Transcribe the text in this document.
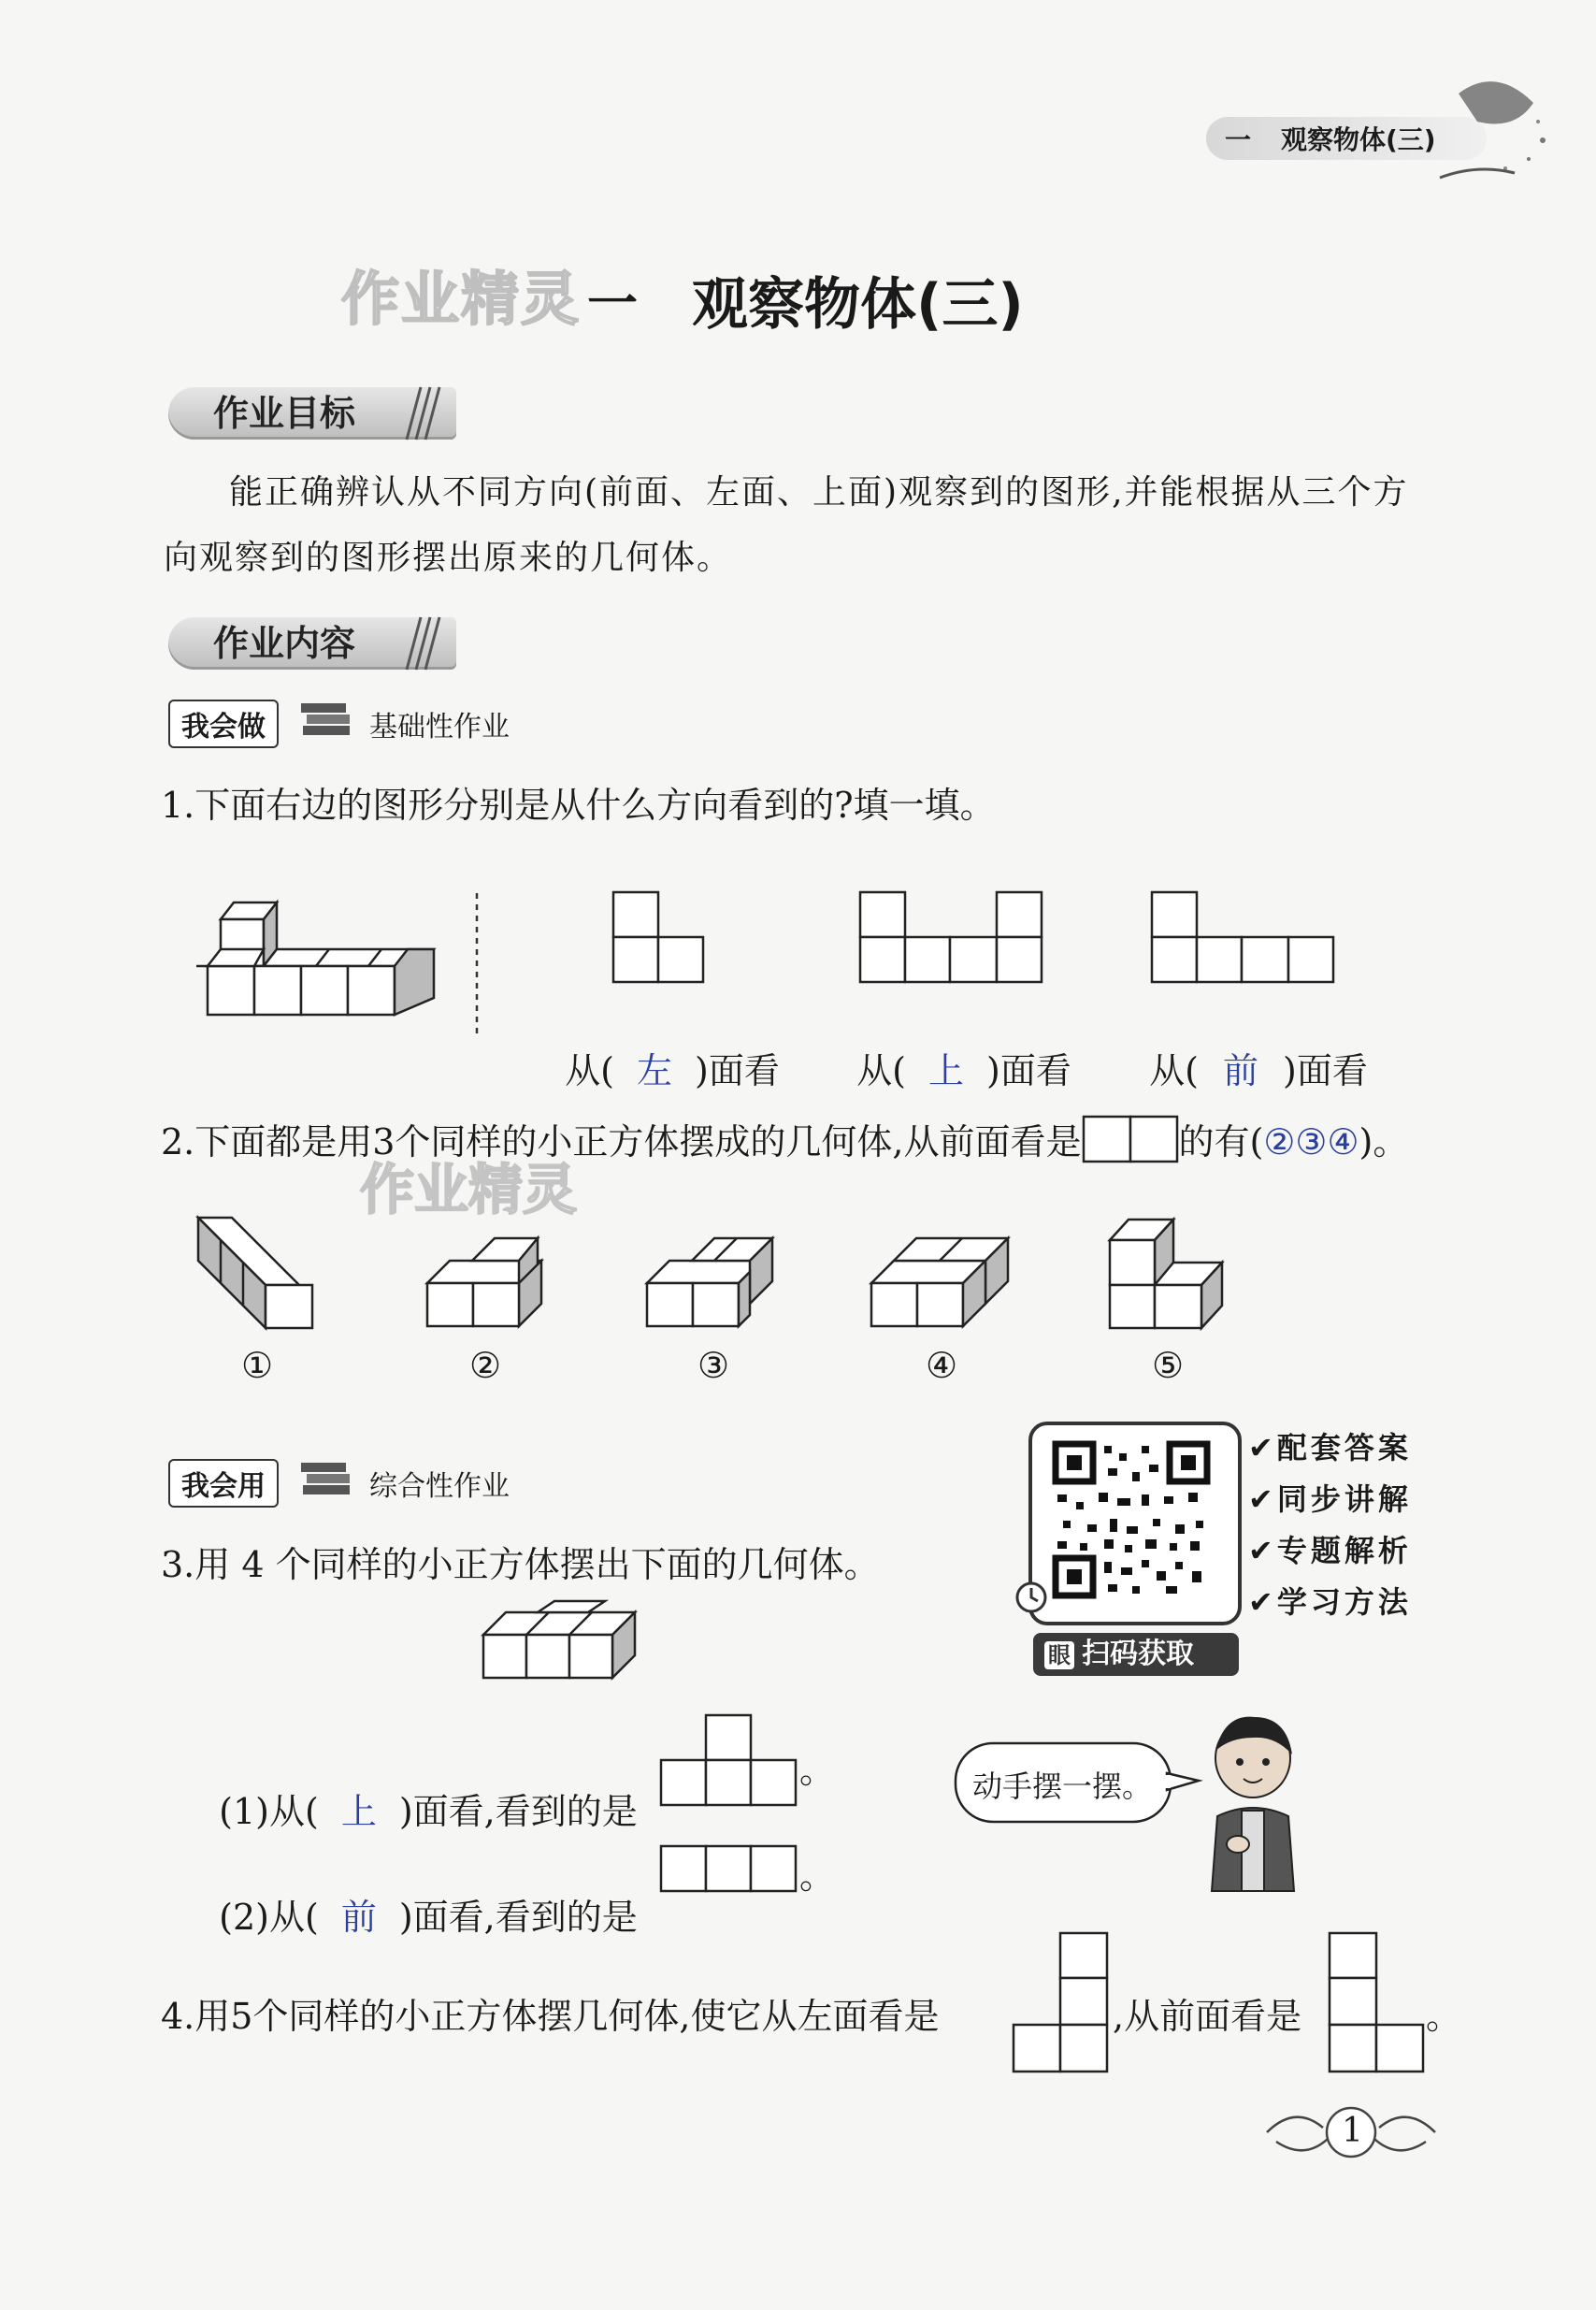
一 观察物体(三)
作业精灵 一 观察物体(三)
作业目标
能正确辨认从不同方向(前面、左面、上面)观察到的图形,并能根据从三个方
向观察到的图形摆出原来的几何体。
作业内容
我会做	基础性作业
1.下面右边的图形分别是从什么方向看到的?填一填。

从( 左 )面看	从( 上 )面看	从( 前 )面看

2.下面都是用3个同样的小正方体摆成的几何体,从前面看是	的有(②③④)。
作业精灵
①	②	③	④	⑤
我会用	综合性作业
眼 扫码获取
✔配套答案
✔同步讲解
✔专题解析
✔学习方法
3.用 4 个同样的小正方体摆出下面的几何体。

(1)从( 上 )面看,看到的是

。

(2)从( 前 )面看,看到的是

。
动手摆一摆。
4.用5个同样的小正方体摆几何体,使它从左面看是	,从前面看是	。
1
